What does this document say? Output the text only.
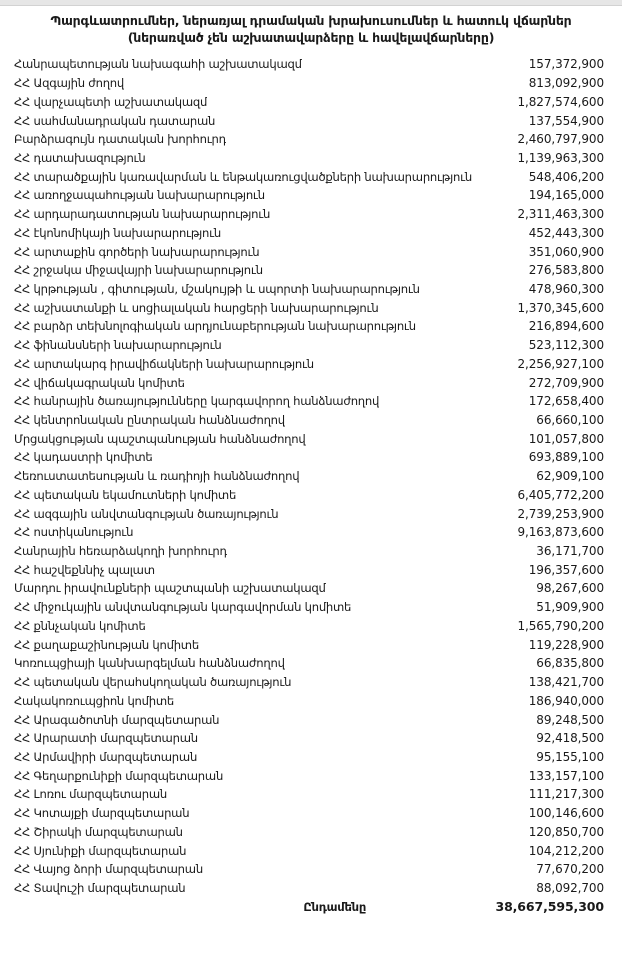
Պարգևատրումներ, ներառյալ դրամական խրախուսումներ և հատուկ վճարներ
(ներառված չեն աշխատավարձերը և հավելավճարները)
Հանրապետության նախագահի աշխատակազմ	157,372,900
ՀՀ Ազգային ժողով	813,092,900
ՀՀ վարչապետի աշխատակազմ	1,827,574,600
ՀՀ սահմանադրական դատարան	137,554,900
Բարձրագույն դատական խորհուրդ	2,460,797,900
ՀՀ դատախազություն	1,139,963,300
ՀՀ տարածքային կառավարման և ենթակառուցվածքների նախարարություն	548,406,200
ՀՀ առողջապահության նախարարություն	194,165,000
ՀՀ արդարադատության նախարարություն	2,311,463,300
ՀՀ էկոնոմիկայի նախարարություն	452,443,300
ՀՀ արտաքին գործերի նախարարություն	351,060,900
ՀՀ շրջակա միջավայրի նախարարություն	276,583,800
ՀՀ կրթության , գիտության, մշակույթի և սպորտի նախարարություն	478,960,300
ՀՀ աշխատանքի և սոցիալական հարցերի նախարարություն	1,370,345,600
ՀՀ բարձր տեխնոլոգիական արդյունաբերության նախարարություն	216,894,600
ՀՀ ֆինանսների նախարարություն	523,112,300
ՀՀ արտակարգ իրավիճակների նախարարություն	2,256,927,100
ՀՀ վիճակագրական կոմիտե	272,709,900
ՀՀ հանրային ծառայությունները կարգավորող հանձնաժողով	172,658,400
ՀՀ կենտրոնական ընտրական հանձնաժողով	66,660,100
Մրցակցության պաշտպանության հանձնաժողով	101,057,800
ՀՀ կադաստրի կոմիտե	693,889,100
Հեռուստատեսության և ռադիոյի հանձնաժողով	62,909,100
ՀՀ պետական եկամուտների կոմիտե	6,405,772,200
ՀՀ ազգային անվտանգության ծառայություն	2,739,253,900
ՀՀ ոստիկանություն	9,163,873,600
Հանրային հեռարձակողի խորհուրդ	36,171,700
ՀՀ հաշվեքննիչ պալատ	196,357,600
Մարդու իրավունքների պաշտպանի աշխատակազմ	98,267,600
ՀՀ միջուկային անվտանգության կարգավորման կոմիտե	51,909,900
ՀՀ քննչական կոմիտե	1,565,790,200
ՀՀ քաղաքաշինության կոմիտե	119,228,900
Կոռուպցիայի կանխարգելման հանձնաժողով	66,835,800
ՀՀ պետական վերահսկողական ծառայություն	138,421,700
Հակակոռուպցիոն կոմիտե	186,940,000
ՀՀ Արագածոտնի մարզպետարան	89,248,500
ՀՀ Արարատի մարզպետարան	92,418,500
ՀՀ Արմավիրի մարզպետարան	95,155,100
ՀՀ Գեղարքունիքի մարզպետարան	133,157,100
ՀՀ Լոռու մարզպետարան	111,217,300
ՀՀ Կոտայքի մարզպետարան	100,146,600
ՀՀ Շիրակի մարզպետարան	120,850,700
ՀՀ Սյունիքի մարզպետարան	104,212,200
ՀՀ Վայոց ձորի մարզպետարան	77,670,200
ՀՀ Տավուշի մարզպետարան	88,092,700
Ընդամենը	38,667,595,300
